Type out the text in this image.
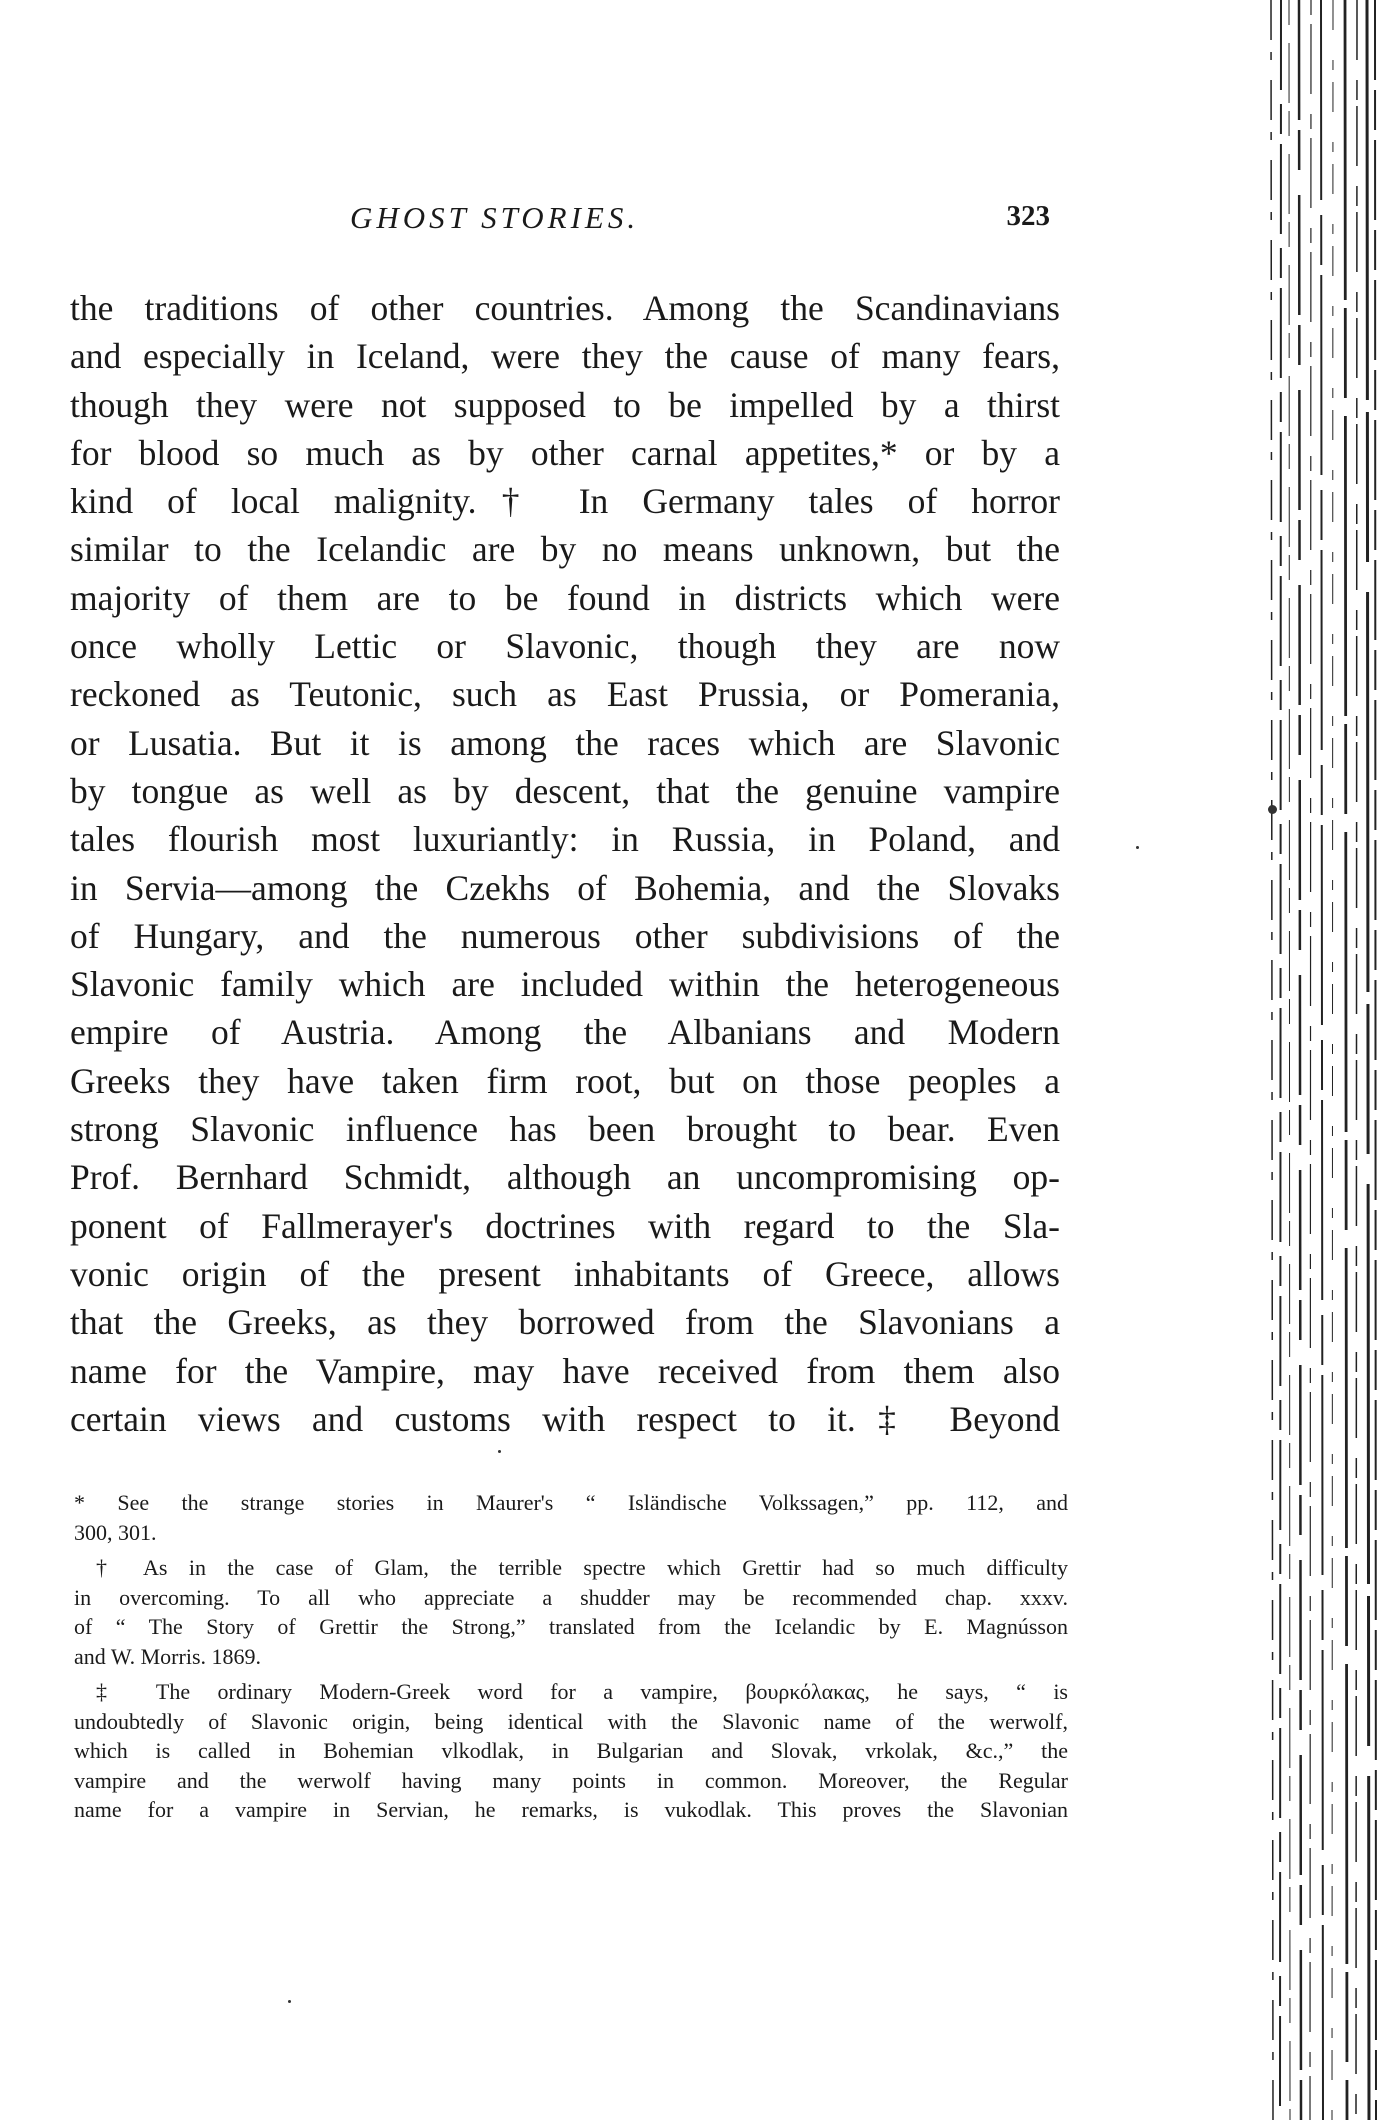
GHOST STORIES.	323
the traditions of other countries. Among the Scandinavians
and especially in Iceland, were they the cause of many fears,
though they were not supposed to be impelled by a thirst
for blood so much as by other carnal appetites,* or by a
kind of local malignity.† In Germany tales of horror
similar to the Icelandic are by no means unknown, but the
majority of them are to be found in districts which were
once wholly Lettic or Slavonic, though they are now
reckoned as Teutonic, such as East Prussia, or Pomerania,
or Lusatia. But it is among the races which are Slavonic
by tongue as well as by descent, that the genuine vampire
tales flourish most luxuriantly: in Russia, in Poland, and
in Servia—among the Czekhs of Bohemia, and the Slovaks
of Hungary, and the numerous other subdivisions of the
Slavonic family which are included within the heterogeneous
empire of Austria. Among the Albanians and Modern
Greeks they have taken firm root, but on those peoples a
strong Slavonic influence has been brought to bear. Even
Prof. Bernhard Schmidt, although an uncompromising op-
ponent of Fallmerayer's doctrines with regard to the Sla-
vonic origin of the present inhabitants of Greece, allows
that the Greeks, as they borrowed from the Slavonians a
name for the Vampire, may have received from them also
certain views and customs with respect to it.‡ Beyond
* See the strange stories in Maurer's “ Isländische Volkssagen,” pp. 112, and
300, 301.
† As in the case of Glam, the terrible spectre which Grettir had so much difficulty
in overcoming. To all who appreciate a shudder may be recommended chap. xxxv.
of “ The Story of Grettir the Strong,” translated from the Icelandic by E. Magnússon
and W. Morris. 1869.
‡ The ordinary Modern-Greek word for a vampire, βουρκόλακας, he says, “ is
undoubtedly of Slavonic origin, being identical with the Slavonic name of the werwolf,
which is called in Bohemian vlkodlak, in Bulgarian and Slovak, vrkolak, &c.,” the
vampire and the werwolf having many points in common. Moreover, the Regular
name for a vampire in Servian, he remarks, is vukodlak. This proves the Slavonian
